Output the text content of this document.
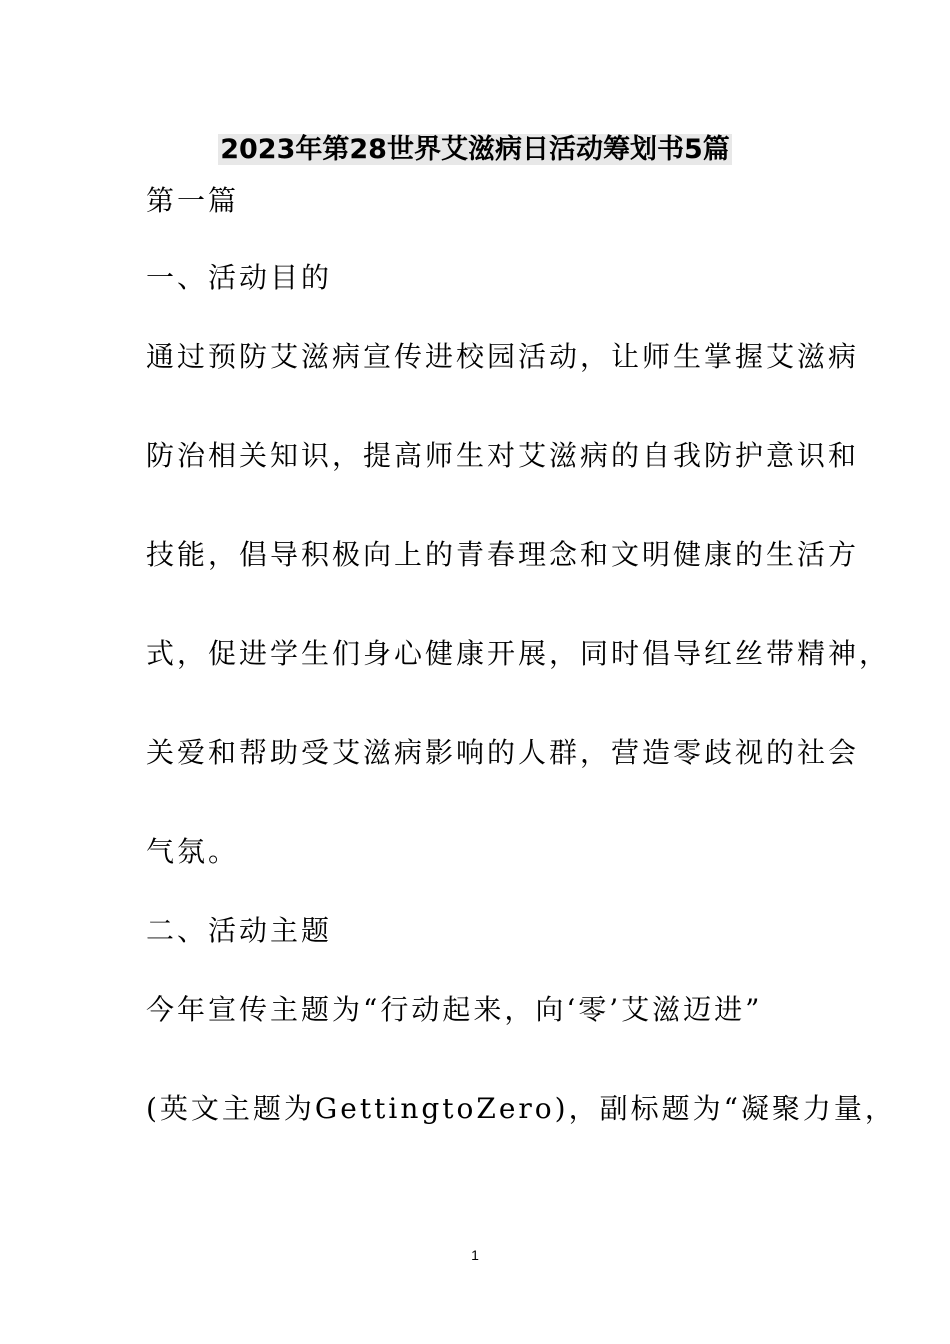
2023年第28世界艾滋病日活动筹划书5篇
第一篇
一、活动目的
通过预防艾滋病宣传进校园活动，让师生掌握艾滋病
防治相关知识，提高师生对艾滋病的自我防护意识和
技能，倡导积极向上的青春理念和文明健康的生活方
式，促进学生们身心健康开展，同时倡导红丝带精神，
关爱和帮助受艾滋病影响的人群，营造零歧视的社会
气氛。
二、活动主题
今年宣传主题为“行动起来，向‘零’艾滋迈进”
(英文主题为GettingtoZero)，副标题为“凝聚力量，
1
